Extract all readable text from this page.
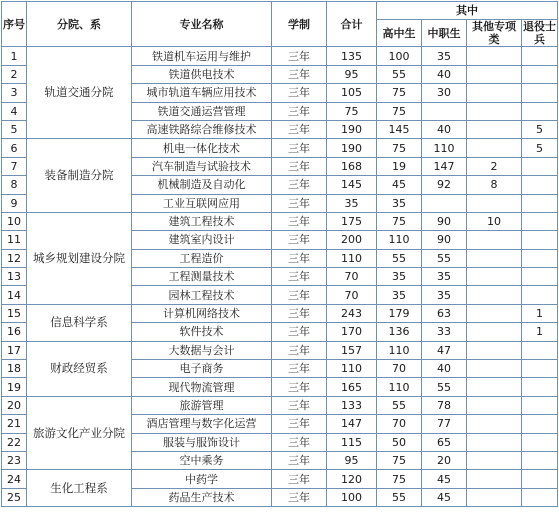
序号	分院、系	专业名称	学制	合计	其中			
					高中生	中职生	其他专项类	退役士兵
1	轨道交通分院	铁道机车运用与维护	三年	135	100	35		
2		铁道供电技术	三年	95	55	40		
3		城市轨道车辆应用技术	三年	105	75	30		
4		铁道交通运营管理	三年	75	75			
5		高速铁路综合维修技术	三年	190	145	40		5
6	装备制造分院	机电一体化技术	三年	190	75	110		5
7		汽车制造与试验技术	三年	168	19	147	2	
8		机械制造及自动化	三年	145	45	92	8	
9		工业互联网应用	三年	35	35			
10	城乡规划建设分院	建筑工程技术	三年	175	75	90	10	
11		建筑室内设计	三年	200	110	90		
12		工程造价	三年	110	55	55		
13		工程测量技术	三年	70	35	35		
14		园林工程技术	三年	70	35	35		
15	信息科学系	计算机网络技术	三年	243	179	63		1
16		软件技术	三年	170	136	33		1
17	财政经贸系	大数据与会计	三年	157	110	47		
18		电子商务	三年	110	70	40		
19		现代物流管理	三年	165	110	55		
20	旅游文化产业分院	旅游管理	三年	133	55	78		
21		酒店管理与数字化运营	三年	147	70	77		
22		服装与服饰设计	三年	115	50	65		
23		空中乘务	三年	95	75	20		
24	生化工程系	中药学	三年	120	75	45		
25		药品生产技术	三年	100	55	45		
